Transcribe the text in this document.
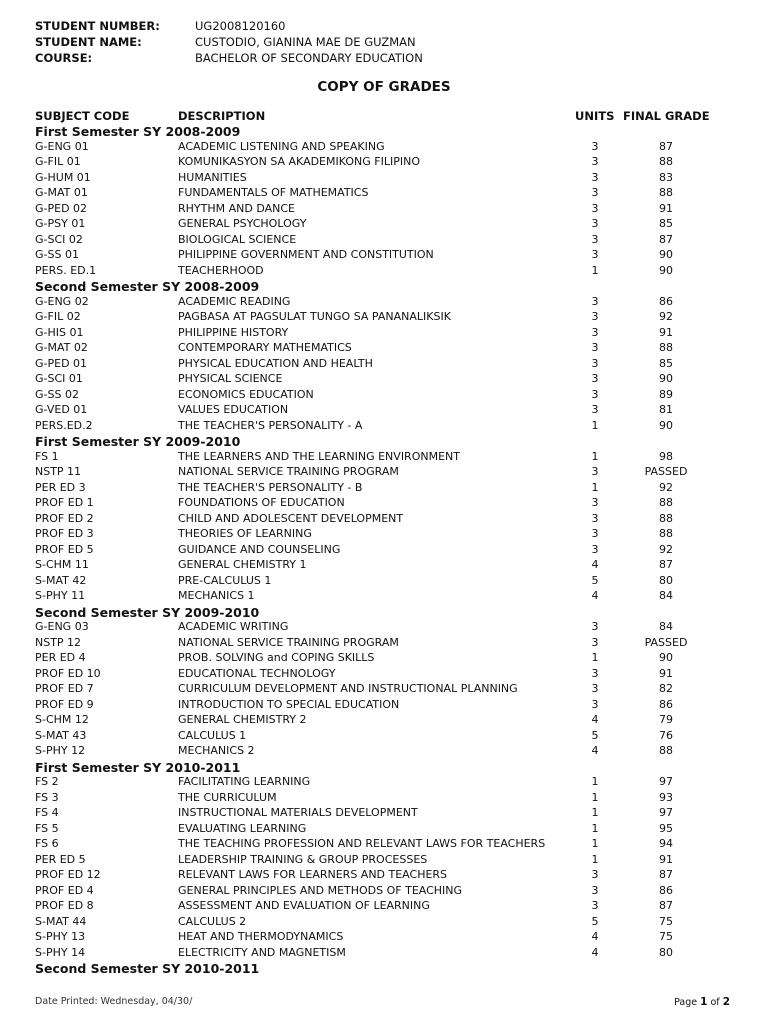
STUDENT NUMBER:	UG2008120160
STUDENT NAME:	CUSTODIO, GIANINA MAE DE GUZMAN
COURSE:	BACHELOR OF SECONDARY EDUCATION
COPY OF GRADES
SUBJECT CODE	DESCRIPTION	UNITS FINAL GRADE
First Semester SY 2008-2009
G-ENG 01	ACADEMIC LISTENING AND SPEAKING	3	87
G-FIL 01	KOMUNIKASYON SA AKADEMIKONG FILIPINO	3	88
G-HUM 01	HUMANITIES	3	83
G-MAT 01	FUNDAMENTALS OF MATHEMATICS	3	88
G-PED 02	RHYTHM AND DANCE	3	91
G-PSY 01	GENERAL PSYCHOLOGY	3	85
G-SCI 02	BIOLOGICAL SCIENCE	3	87
G-SS 01	PHILIPPINE GOVERNMENT AND CONSTITUTION	3	90
PERS. ED.1	TEACHERHOOD	1	90
Second Semester SY 2008-2009
G-ENG 02	ACADEMIC READING	3	86
G-FIL 02	PAGBASA AT PAGSULAT TUNGO SA PANANALIKSIK	3	92
G-HIS 01	PHILIPPINE HISTORY	3	91
G-MAT 02	CONTEMPORARY MATHEMATICS	3	88
G-PED 01	PHYSICAL EDUCATION AND HEALTH	3	85
G-SCI 01	PHYSICAL SCIENCE	3	90
G-SS 02	ECONOMICS EDUCATION	3	89
G-VED 01	VALUES EDUCATION	3	81
PERS.ED.2	THE TEACHER'S PERSONALITY - A	1	90
First Semester SY 2009-2010
FS 1	THE LEARNERS AND THE LEARNING ENVIRONMENT	1	98
NSTP 11	NATIONAL SERVICE TRAINING PROGRAM	3	PASSED
PER ED 3	THE TEACHER'S PERSONALITY - B	1	92
PROF ED 1	FOUNDATIONS OF EDUCATION	3	88
PROF ED 2	CHILD AND ADOLESCENT DEVELOPMENT	3	88
PROF ED 3	THEORIES OF LEARNING	3	88
PROF ED 5	GUIDANCE AND COUNSELING	3	92
S-CHM 11	GENERAL CHEMISTRY 1	4	87
S-MAT 42	PRE-CALCULUS 1	5	80
S-PHY 11	MECHANICS 1	4	84
Second Semester SY 2009-2010
G-ENG 03	ACADEMIC WRITING	3	84
NSTP 12	NATIONAL SERVICE TRAINING PROGRAM	3	PASSED
PER ED 4	PROB. SOLVING and COPING SKILLS	1	90
PROF ED 10	EDUCATIONAL TECHNOLOGY	3	91
PROF ED 7	CURRICULUM DEVELOPMENT AND INSTRUCTIONAL PLANNING	3	82
PROF ED 9	INTRODUCTION TO SPECIAL EDUCATION	3	86
S-CHM 12	GENERAL CHEMISTRY 2	4	79
S-MAT 43	CALCULUS 1	5	76
S-PHY 12	MECHANICS 2	4	88
First Semester SY 2010-2011
FS 2	FACILITATING LEARNING	1	97
FS 3	THE CURRICULUM	1	93
FS 4	INSTRUCTIONAL MATERIALS DEVELOPMENT	1	97
FS 5	EVALUATING LEARNING	1	95
FS 6	THE TEACHING PROFESSION AND RELEVANT LAWS FOR TEACHERS	1	94
PER ED 5	LEADERSHIP TRAINING & GROUP PROCESSES	1	91
PROF ED 12	RELEVANT LAWS FOR LEARNERS AND TEACHERS	3	87
PROF ED 4	GENERAL PRINCIPLES AND METHODS OF TEACHING	3	86
PROF ED 8	ASSESSMENT AND EVALUATION OF LEARNING	3	87
S-MAT 44	CALCULUS 2	5	75
S-PHY 13	HEAT AND THERMODYNAMICS	4	75
S-PHY 14	ELECTRICITY AND MAGNETISM	4	80
Second Semester SY 2010-2011
Date Printed: Wednesday, 04/30/	Page 1 of 2
